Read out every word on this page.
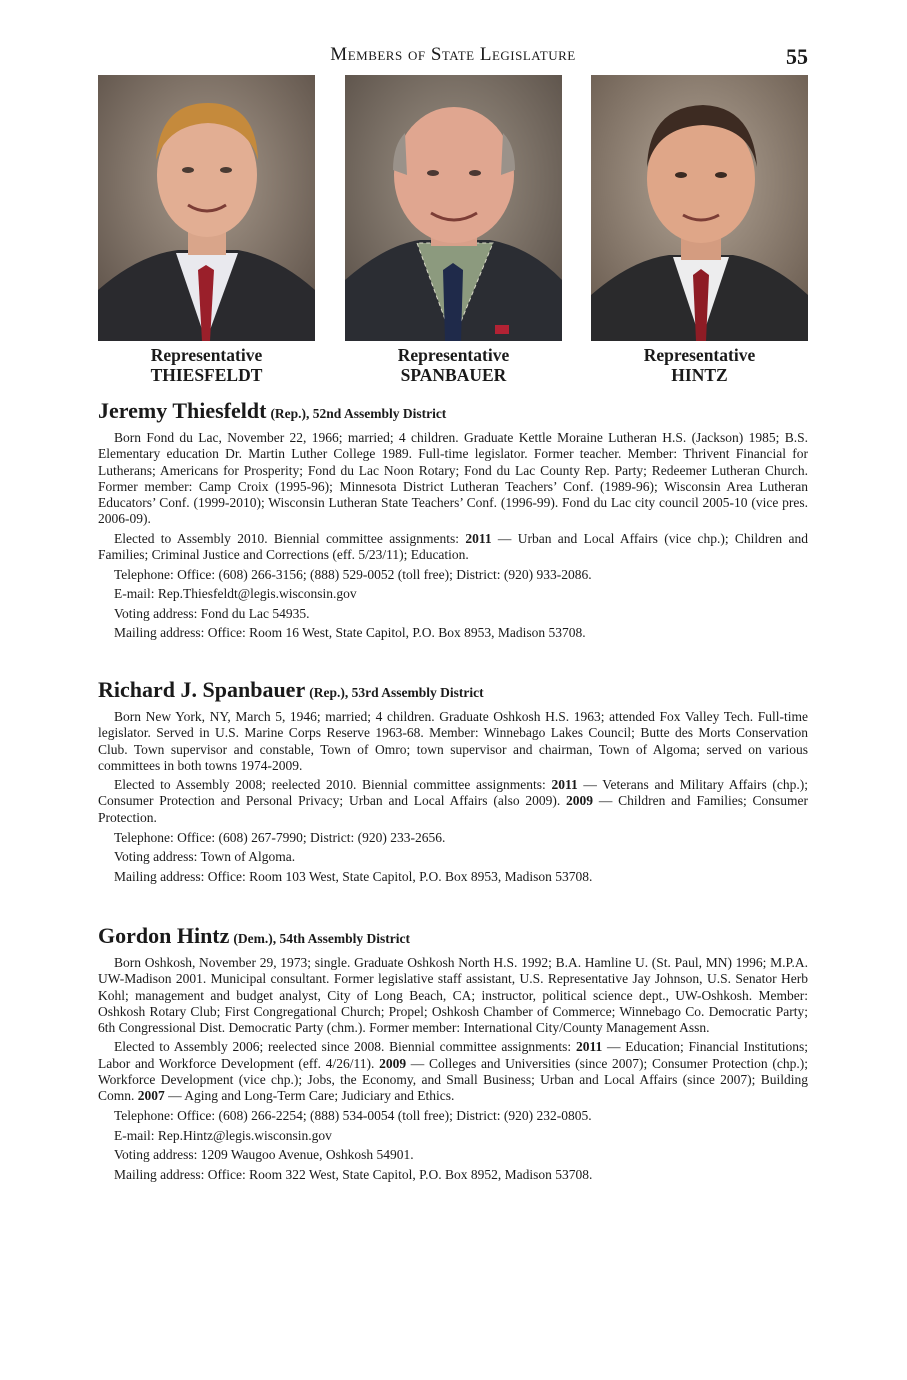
Members of State Legislature	55
Representative
THIESFELDT
Representative
SPANBAUER
Representative
HINTZ
Jeremy Thiesfeldt (Rep.), 52nd Assembly District

Born Fond du Lac, November 22, 1966; married; 4 children. Graduate Kettle Moraine Lutheran H.S. (Jackson) 1985; B.S. Elementary education Dr. Martin Luther College 1989. Full-time legislator. Former teacher. Member: Thrivent Financial for Lutherans; Americans for Prosperity; Fond du Lac Noon Rotary; Fond du Lac County Rep. Party; Redeemer Lutheran Church. Former member: Camp Croix (1995-96); Minnesota District Lutheran Teachers’ Conf. (1989-96); Wisconsin Area Lutheran Educators’ Conf. (1999-2010); Wisconsin Lutheran State Teachers’ Conf. (1996-99). Fond du Lac city council 2005-10 (vice pres. 2006-09).

Elected to Assembly 2010. Biennial committee assignments: 2011 — Urban and Local Affairs (vice chp.); Children and Families; Criminal Justice and Corrections (eff. 5/23/11); Education.

Telephone: Office: (608) 266-3156; (888) 529-0052 (toll free); District: (920) 933-2086.

E-mail: Rep.Thiesfeldt@legis.wisconsin.gov

Voting address: Fond du Lac 54935.

Mailing address: Office: Room 16 West, State Capitol, P.O. Box 8953, Madison 53708.

Richard J. Spanbauer (Rep.), 53rd Assembly District

Born New York, NY, March 5, 1946; married; 4 children. Graduate Oshkosh H.S. 1963; attended Fox Valley Tech. Full-time legislator. Served in U.S. Marine Corps Reserve 1963-68. Member: Winnebago Lakes Council; Butte des Morts Conservation Club. Town supervisor and constable, Town of Omro; town supervisor and chairman, Town of Algoma; served on various committees in both towns 1974-2009.

Elected to Assembly 2008; reelected 2010. Biennial committee assignments: 2011 — Veterans and Military Affairs (chp.); Consumer Protection and Personal Privacy; Urban and Local Affairs (also 2009). 2009 — Children and Families; Consumer Protection.

Telephone: Office: (608) 267-7990; District: (920) 233-2656.

Voting address: Town of Algoma.

Mailing address: Office: Room 103 West, State Capitol, P.O. Box 8953, Madison 53708.

Gordon Hintz (Dem.), 54th Assembly District

Born Oshkosh, November 29, 1973; single. Graduate Oshkosh North H.S. 1992; B.A. Hamline U. (St. Paul, MN) 1996; M.P.A. UW-Madison 2001. Municipal consultant. Former legislative staff assistant, U.S. Representative Jay Johnson, U.S. Senator Herb Kohl; management and budget analyst, City of Long Beach, CA; instructor, political science dept., UW-Oshkosh. Member: Oshkosh Rotary Club; First Congregational Church; Propel; Oshkosh Chamber of Commerce; Winnebago Co. Democratic Party; 6th Congressional Dist. Democratic Party (chm.). Former member: International City/County Management Assn.

Elected to Assembly 2006; reelected since 2008. Biennial committee assignments: 2011 — Education; Financial Institutions; Labor and Workforce Development (eff. 4/26/11). 2009 — Colleges and Universities (since 2007); Consumer Protection (chp.); Workforce Development (vice chp.); Jobs, the Economy, and Small Business; Urban and Local Affairs (since 2007); Building Comn. 2007 — Aging and Long-Term Care; Judiciary and Ethics.

Telephone: Office: (608) 266-2254; (888) 534-0054 (toll free); District: (920) 232-0805.

E-mail: Rep.Hintz@legis.wisconsin.gov

Voting address: 1209 Waugoo Avenue, Oshkosh 54901.

Mailing address: Office: Room 322 West, State Capitol, P.O. Box 8952, Madison 53708.
